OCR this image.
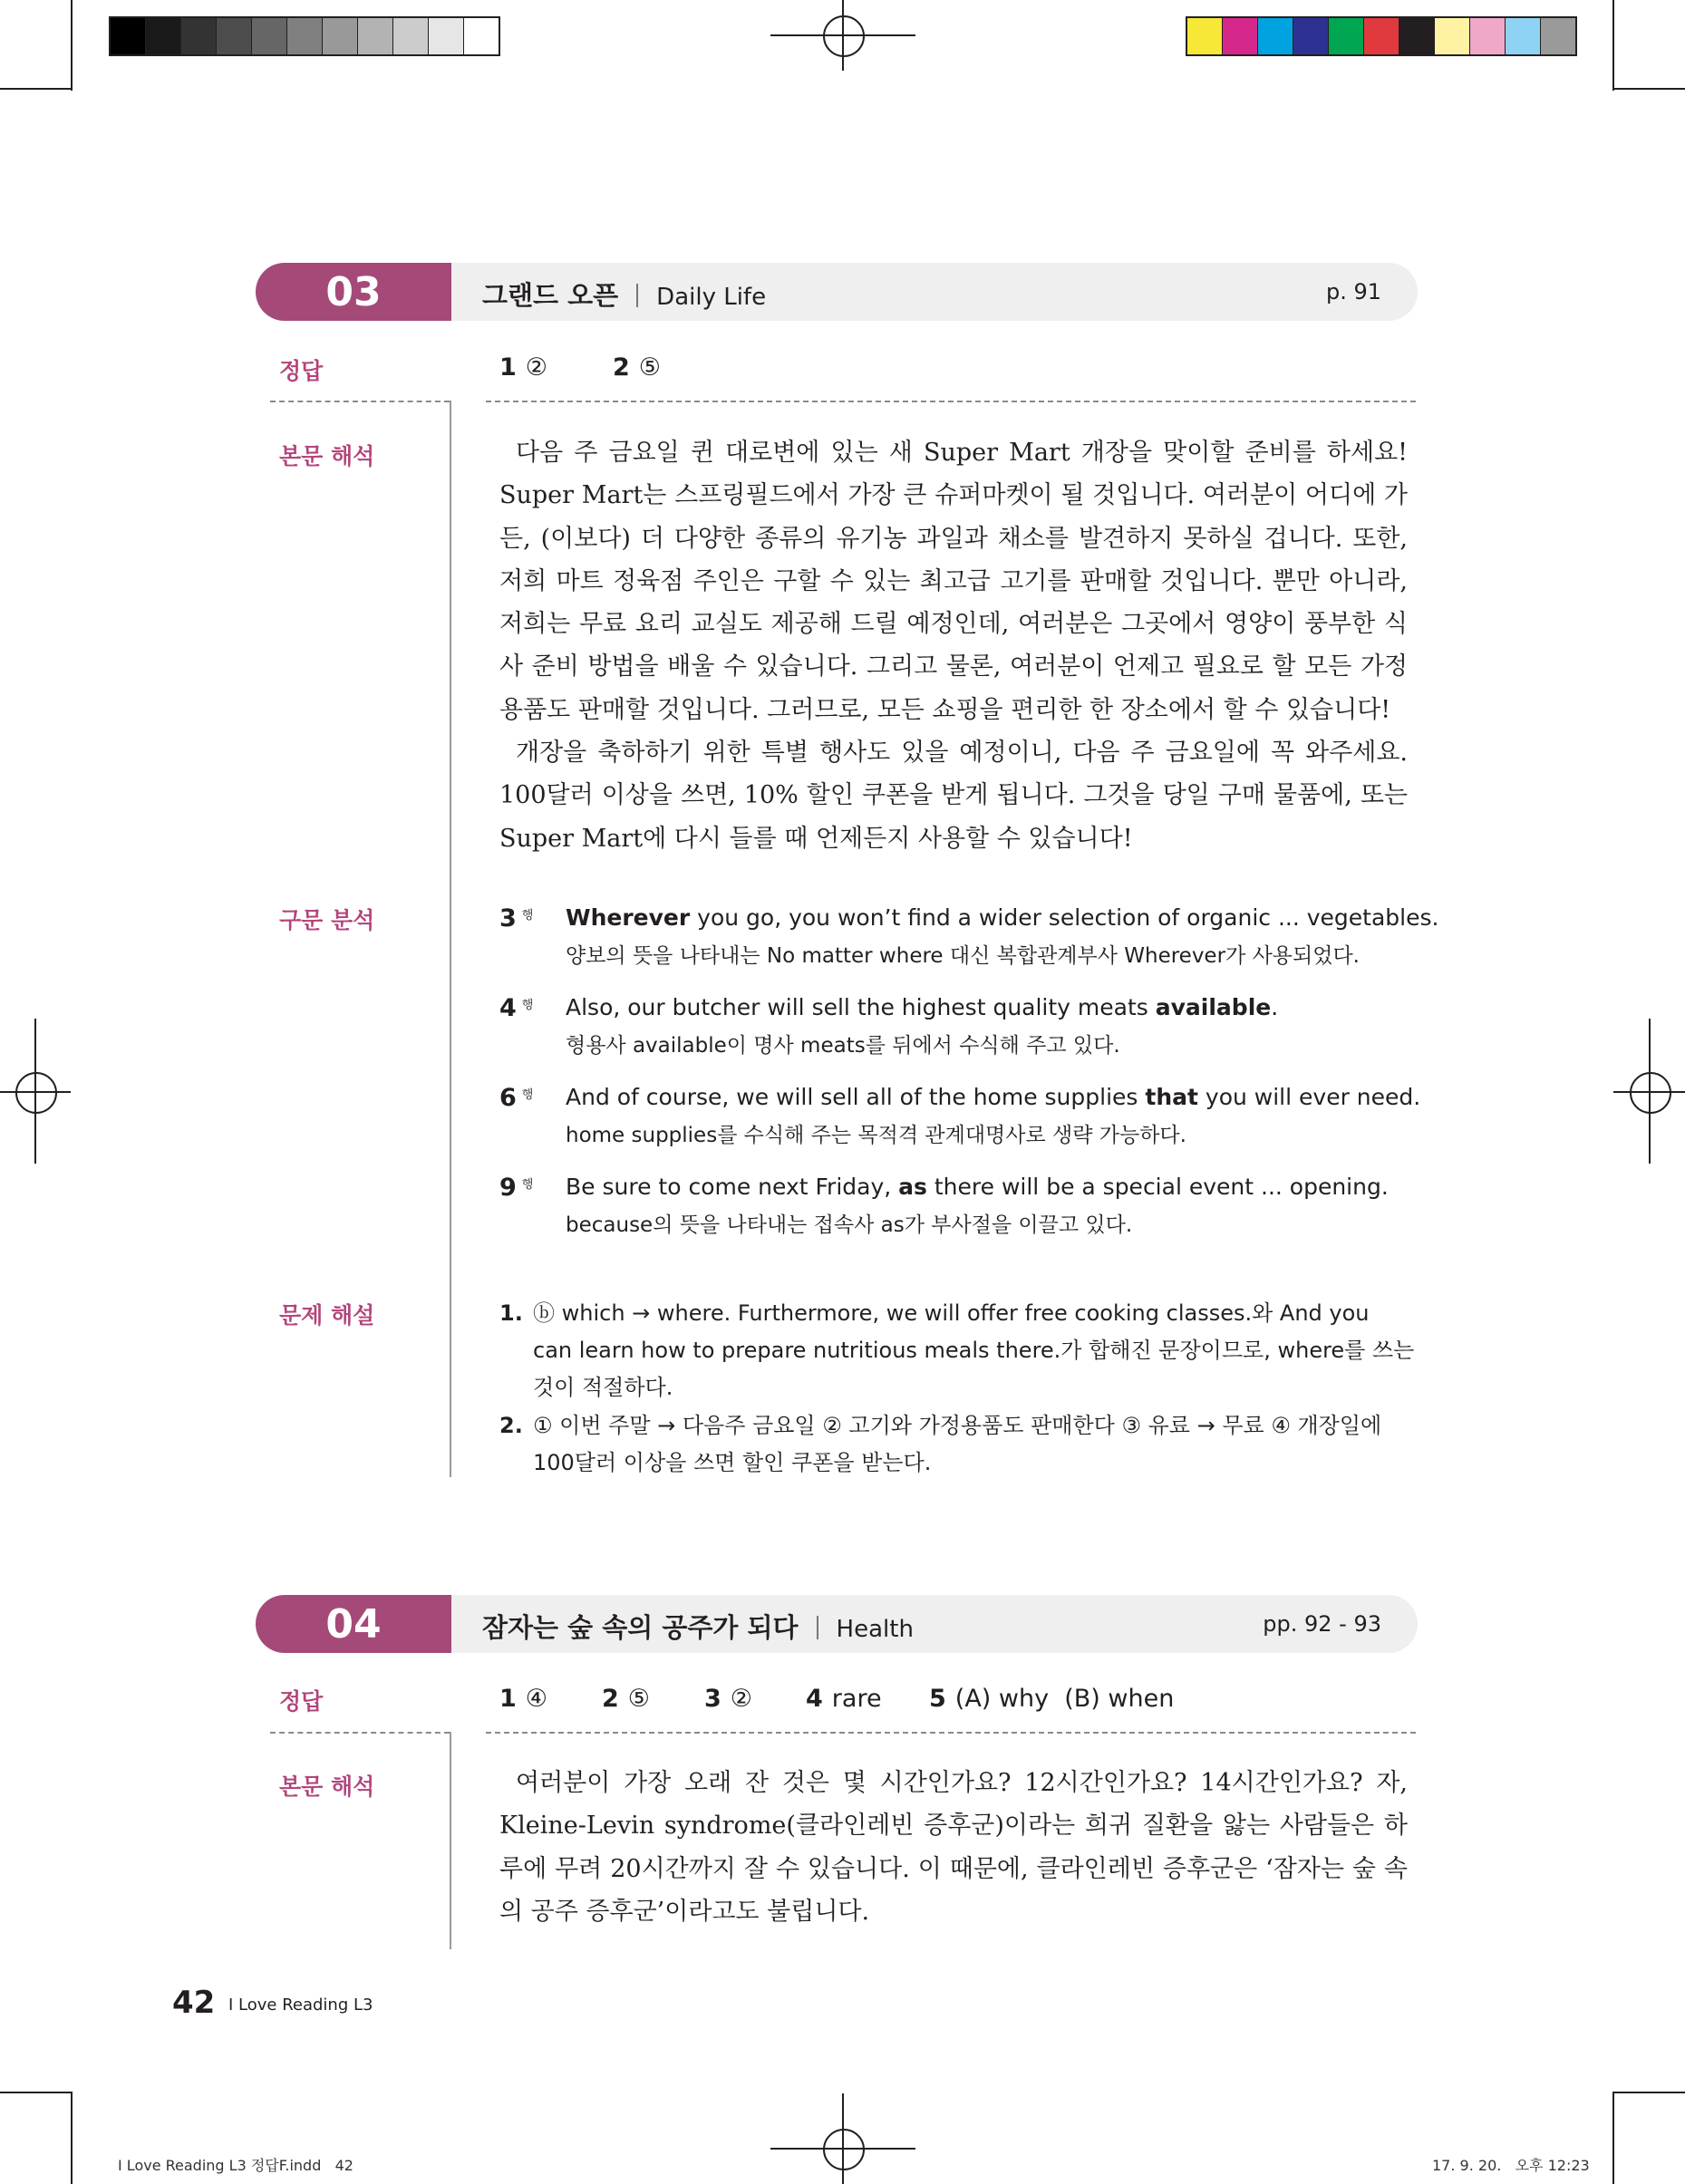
03	그랜드 오픈 Daily Life	p. 91
정답	1 ②	2 ⑤
본문 해석	다음 주 금요일 퀸 대로변에 있는 새 Super Mart 개장을 맞이할 준비를 하세요! Super Mart는 스프링필드에서 가장 큰 슈퍼마켓이 될 것입니다. 여러분이 어디에 가든, (이보다) 더 다양한 종류의 유기농 과일과 채소를 발견하지 못하실 겁니다. 또한, 저희 마트 정육점 주인은 구할 수 있는 최고급 고기를 판매할 것입니다. 뿐만 아니라, 저희는 무료 요리 교실도 제공해 드릴 예정인데, 여러분은 그곳에서 영양이 풍부한 식사 준비 방법을 배울 수 있습니다. 그리고 물론, 여러분이 언제고 필요로 할 모든 가정용품도 판매할 것입니다. 그러므로, 모든 쇼핑을 편리한 한 장소에서 할 수 있습니다!

개장을 축하하기 위한 특별 행사도 있을 예정이니, 다음 주 금요일에 꼭 와주세요. 100달러 이상을 쓰면, 10% 할인 쿠폰을 받게 됩니다. 그것을 당일 구매 물품에, 또는 Super Mart에 다시 들를 때 언제든지 사용할 수 있습니다!

구문 분석	3 $^행$ Wherever you go, you won’t find a wider selection of organic ... vegetables.
양보의 뜻을 나타내는 No matter where 대신 복합관계부사 Wherever가 사용되었다.
4 $^행$ Also, our butcher will sell the highest quality meats available.
형용사 available이 명사 meats를 뒤에서 수식해 주고 있다.
6 $^행$ And of course, we will sell all of the home supplies that you will ever need.
home supplies를 수식해 주는 목적격 관계대명사로 생략 가능하다.
9 $^행$ Be sure to come next Friday, as there will be a special event ... opening.
because의 뜻을 나타내는 접속사 as가 부사절을 이끌고 있다.
문제 해설	1. ⓑ which → where. Furthermore, we will offer free cooking classes.와 And you can learn how to prepare nutritious meals there.가 합해진 문장이므로, where를 쓰는 것이 적절하다.
2. ① 이번 주말 → 다음주 금요일 ② 고기와 가정용품도 판매한다 ③ 유료 → 무료 ④ 개장일에 100달러 이상을 쓰면 할인 쿠폰을 받는다.
04	잠자는 숲 속의 공주가 되다 Health	pp. 92 - 93
정답	1 ④ 2 ⑤ 3 ② 4 rare 5 (A) why  (B) when
본문 해석	여러분이 가장 오래 잔 것은 몇 시간인가요? 12시간인가요? 14시간인가요? 자, Kleine-Levin syndrome(클라인레빈 증후군)이라는 희귀 질환을 앓는 사람들은 하루에 무려 20시간까지 잘 수 있습니다. 이 때문에, 클라인레빈 증후군은 ‘잠자는 숲 속의 공주 증후군’이라고도 불립니다.

42 I Love Reading L3
I Love Reading L3 정답F.indd   42	17. 9. 20.   오후 12:23
